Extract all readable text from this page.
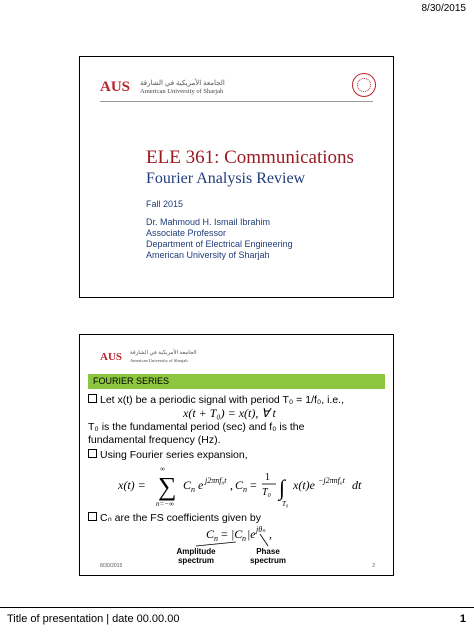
8/30/2015
AUS الجامعة الأمريكية في الشارقة
American University of Sharjah
ELE 361: Communications
Fourier Analysis Review
Fall 2015
Dr. Mahmoud H. Ismail Ibrahim
Associate Professor
Department of Electrical Engineering
American University of Sharjah
AUS الجامعة الأمريكية في الشارقة
American University of Sharjah
FOURIER SERIES
Let x(t) be a periodic signal with period T₀ = 1/f₀, i.e.,
x(t + T₀) = x(t), ∀ t
T₀ is the fundamental period (sec) and f₀ is the
fundamental frequency (Hz).
Using Fourier series expansion,
x(t) = ∑
∞
n=−∞
C n e j2πnf₀t , C n =
1
T₀ ∫
T₀
x(t)e −j2πnf₀t dt
Cₙ are the FS coefficients given by
C n = |C n |e jθₙ ,
Amplitude spectrum
Phase spectrum
8/30/2015	2
Title of presentation | date 00.00.00	1
